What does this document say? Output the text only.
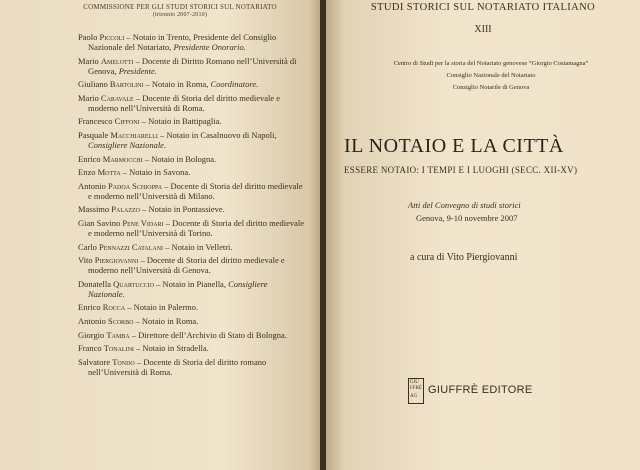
COMMISSIONE PER GLI STUDI STORICI SUL NOTARIATO
(triennio 2007-2010)
Paolo Piccoli – Notaio in Trento, Presidente del Consiglio Nazionale del Notariato, Presidente Onorario.
Mario Amelotti – Docente di Diritto Romano nell’Università di Genova, Presidente.
Giuliano Bartolini – Notaio in Roma, Coordinatore.
Mario Caravale – Docente di Storia del diritto medievale e moderno nell’Università di Roma.
Francesco Ciffoni – Notaio in Battipaglia.
Pasquale Macchiarelli – Notaio in Casalnuovo di Napoli, Consigliere Nazionale.
Enrico Marmocchi – Notaio in Bologna.
Enzo Motta – Notaio in Savona.
Antonio Padoa Schioppa – Docente di Storia del diritto medievale e moderno nell’Università di Milano.
Massimo Palazzo – Notaio in Pontassieve.
Gian Savino Pene Vidari – Docente di Storia del diritto medievale e moderno nell’Università di Torino.
Carlo Pennazzi Catalani – Notaio in Velletri.
Vito Piergiovanni – Docente di Storia del diritto medievale e moderno nell’Università di Genova.
Donatella Quartuccio – Notaio in Pianella, Consigliere Nazionale.
Enrico Rocca – Notaio in Palermo.
Antonio Scorbo – Notaio in Roma.
Giorgio Tamba – Direttore dell’Archivio di Stato di Bologna.
Franco Tonalini – Notaio in Stradella.
Salvatore Tondo – Docente di Storia del diritto romano nell’Università di Roma.
STUDI STORICI SUL NOTARIATO ITALIANO
XIII
Centro di Studi per la storia del Notariato genovese “Giorgio Costamagna”
Consiglio Nazionale del Notariato
Consiglio Notarile di Genova
IL NOTAIO E LA CITTÀ
ESSERE NOTAIO: I TEMPI E I LUOGHI (SECC. XII-XV)
Atti del Convegno di studi storici
Genova, 9-10 novembre 2007
a cura di Vito Piergiovanni
GIU
FFRÈ
AG
GIUFFRÈ EDITORE
